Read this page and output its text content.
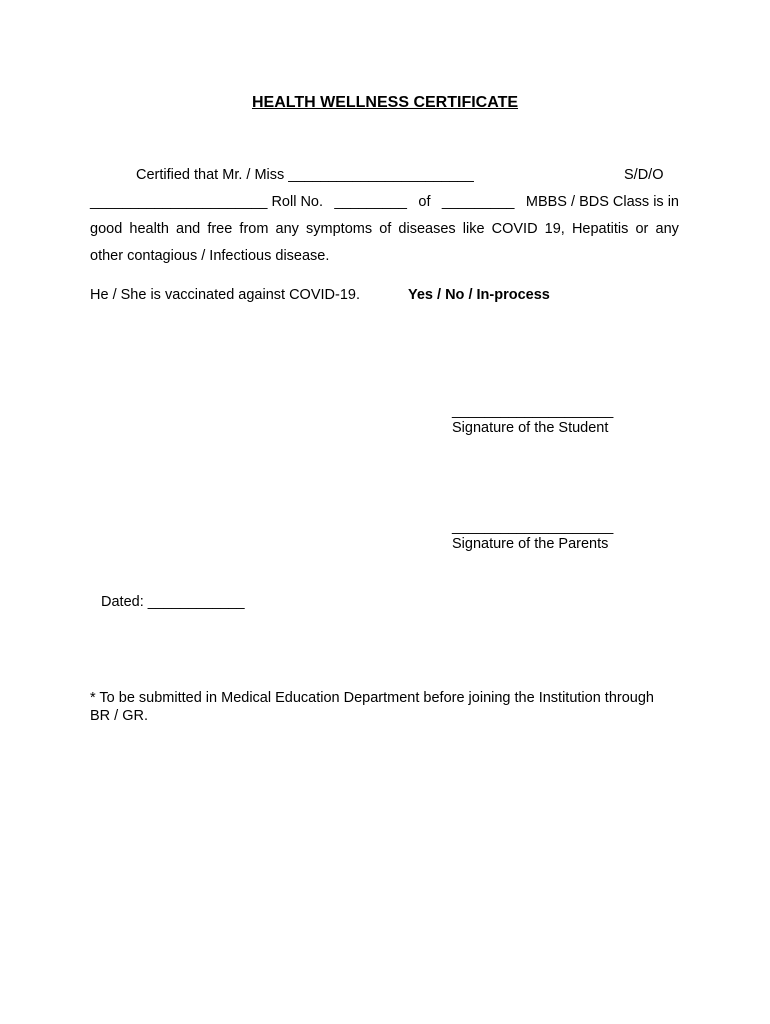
HEALTH WELLNESS CERTIFICATE
Certified that Mr. / Miss _______________________	S/D/O
______________________ Roll No. _________ of _________ MBBS / BDS Class is in
good health and free from any symptoms of diseases like COVID 19, Hepatitis or any
other contagious / Infectious disease.
He / She is vaccinated against COVID-19.	Yes / No / In-process
____________________
Signature of the Student
____________________
Signature of the Parents
Dated: ____________
* To be submitted in Medical Education Department before joining the Institution through
BR / GR.
